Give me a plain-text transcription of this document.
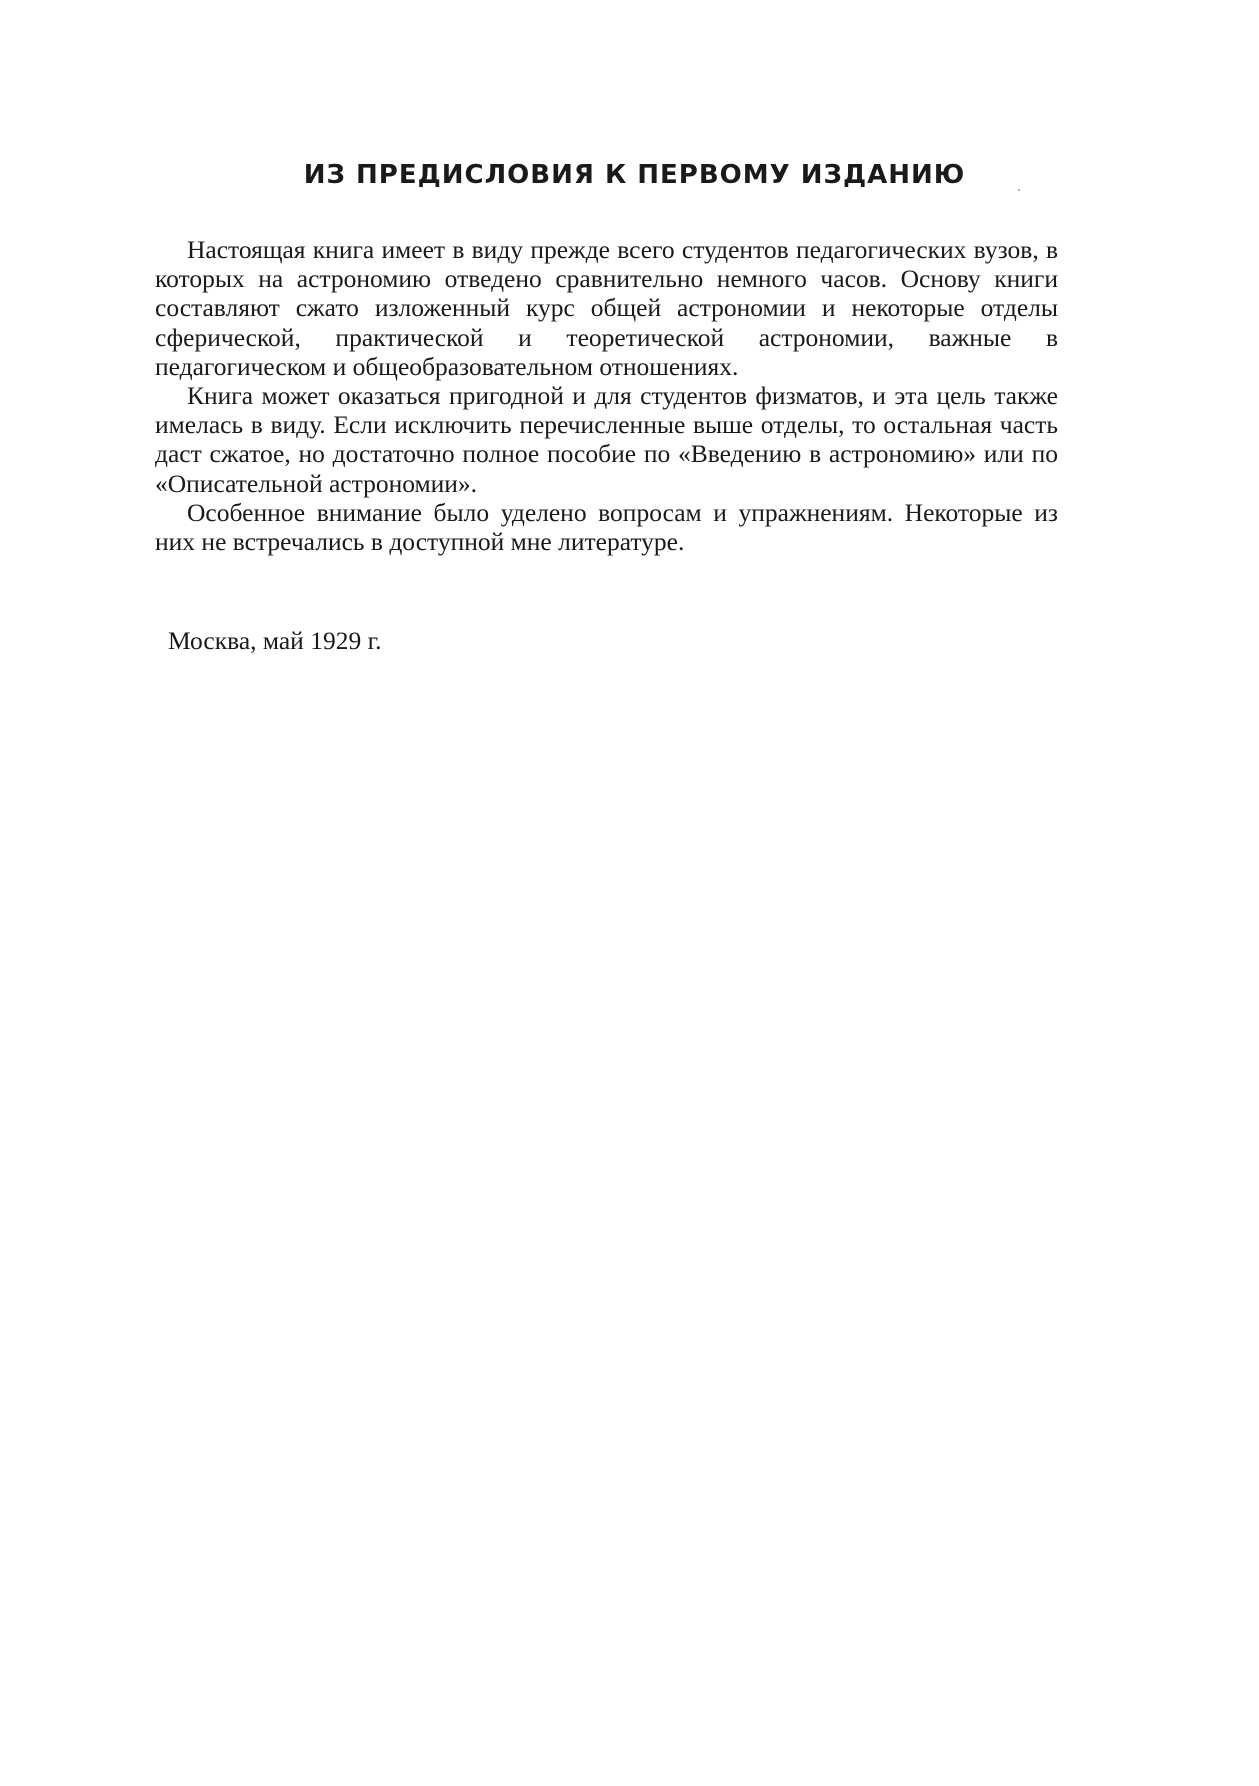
ИЗ ПРЕДИСЛОВИЯ К ПЕРВОМУ ИЗДАНИЮ

Настоящая книга имеет в виду прежде всего студентов педагогических вузов, в которых на астрономию отведено сравнительно немного часов. Основу книги составляют сжато изложенный курс общей астрономии и некоторые отделы сферической, практической и теоретической астрономии, важные в педагогическом и общеобразовательном отношениях.

Книга может оказаться пригодной и для студентов физматов, и эта цель также имелась в виду. Если исключить перечисленные выше отделы, то остальная часть даст сжатое, но достаточно полное пособие по «Введению в астрономию» или по «Описательной астрономии».

Особенное внимание было уделено вопросам и упражнениям. Некоторые из них не встречались в доступной мне литературе.

Москва, май 1929 г.
